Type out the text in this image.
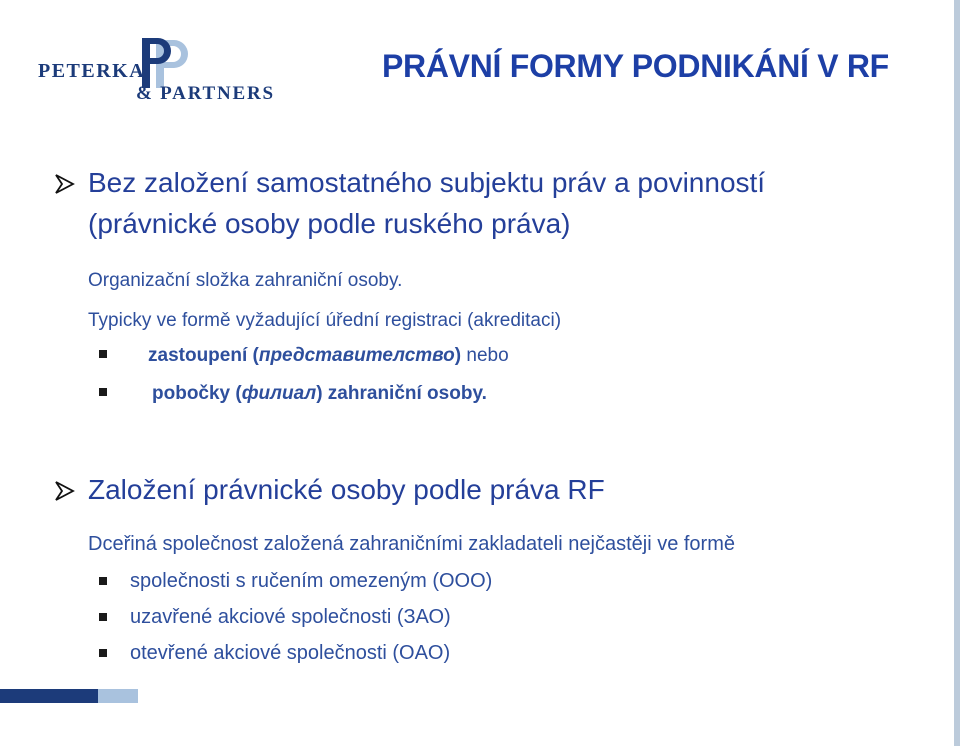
PETERKA
& PARTNERS
PRÁVNÍ FORMY PODNIKÁNÍ V RF

Bez založení samostatného subjektu práv a povinností

(právnické osoby podle ruského práva)

Organizační složka zahraniční osoby.

Typicky ve formě vyžadující úřední registraci (akreditaci)

zastoupení (представителство) nebo

pobočky (филиал) zahraniční osoby.

Založení právnické osoby podle práva RF

Dceřiná společnost založená zahraničními zakladateli nejčastěji ve formě

společnosti s ručením omezeným (OOO)

uzavřené akciové společnosti (ЗАО)

otevřené akciové společnosti (OAO)
